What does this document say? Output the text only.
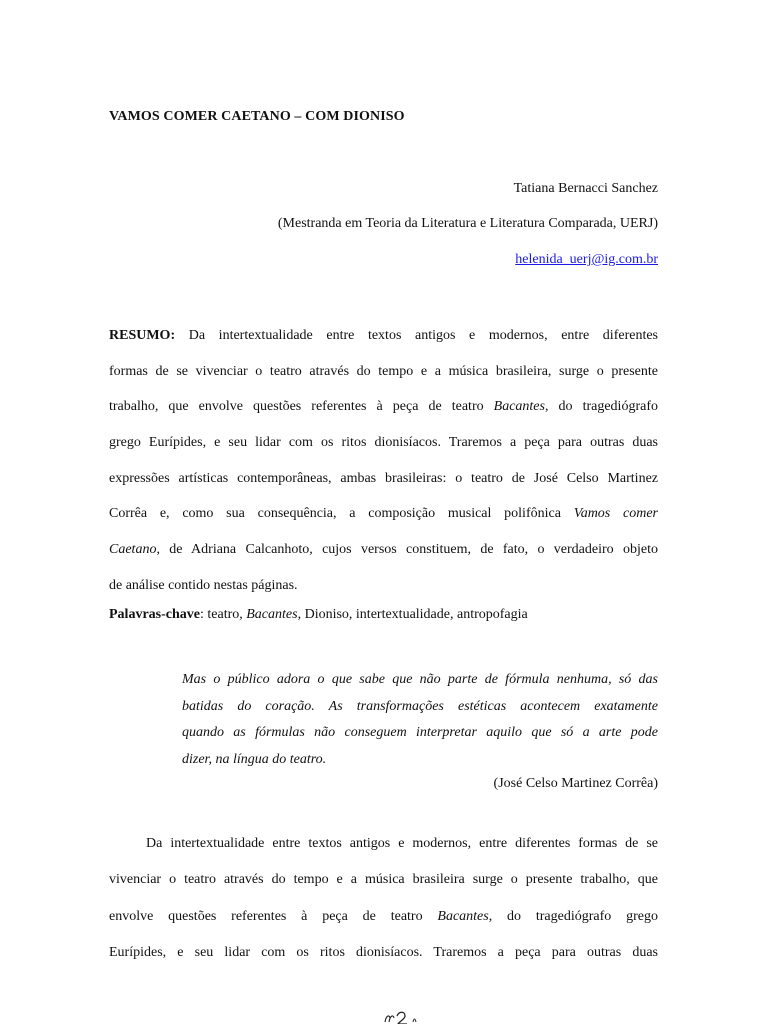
VAMOS COMER CAETANO – COM DIONISO
Tatiana Bernacci Sanchez
(Mestranda em Teoria da Literatura e Literatura Comparada, UERJ)
helenida_uerj@ig.com.br
RESUMO: Da intertextualidade entre textos antigos e modernos, entre diferentes
formas de se vivenciar o teatro através do tempo e a música brasileira, surge o presente
trabalho, que envolve questões referentes à peça de teatro Bacantes, do tragediógrafo
grego Eurípides, e seu lidar com os ritos dionisíacos. Traremos a peça para outras duas
expressões artísticas contemporâneas, ambas brasileiras: o teatro de José Celso Martinez
Corrêa e, como sua consequência, a composição musical polifônica Vamos comer
Caetano, de Adriana Calcanhoto, cujos versos constituem, de fato, o verdadeiro objeto
de análise contido nestas páginas.
Palavras-chave: teatro, Bacantes, Dioniso, intertextualidade, antropofagia
Mas o público adora o que sabe que não parte de fórmula nenhuma, só das
batidas do coração. As transformações estéticas acontecem exatamente
quando as fórmulas não conseguem interpretar aquilo que só a arte pode
dizer, na língua do teatro.
(José Celso Martinez Corrêa)
Da intertextualidade entre textos antigos e modernos, entre diferentes formas de se
vivenciar o teatro através do tempo e a música brasileira surge o presente trabalho, que
envolve questões referentes à peça de teatro Bacantes, do tragediógrafo grego
Eurípides, e seu lidar com os ritos dionisíacos. Traremos a peça para outras duas
